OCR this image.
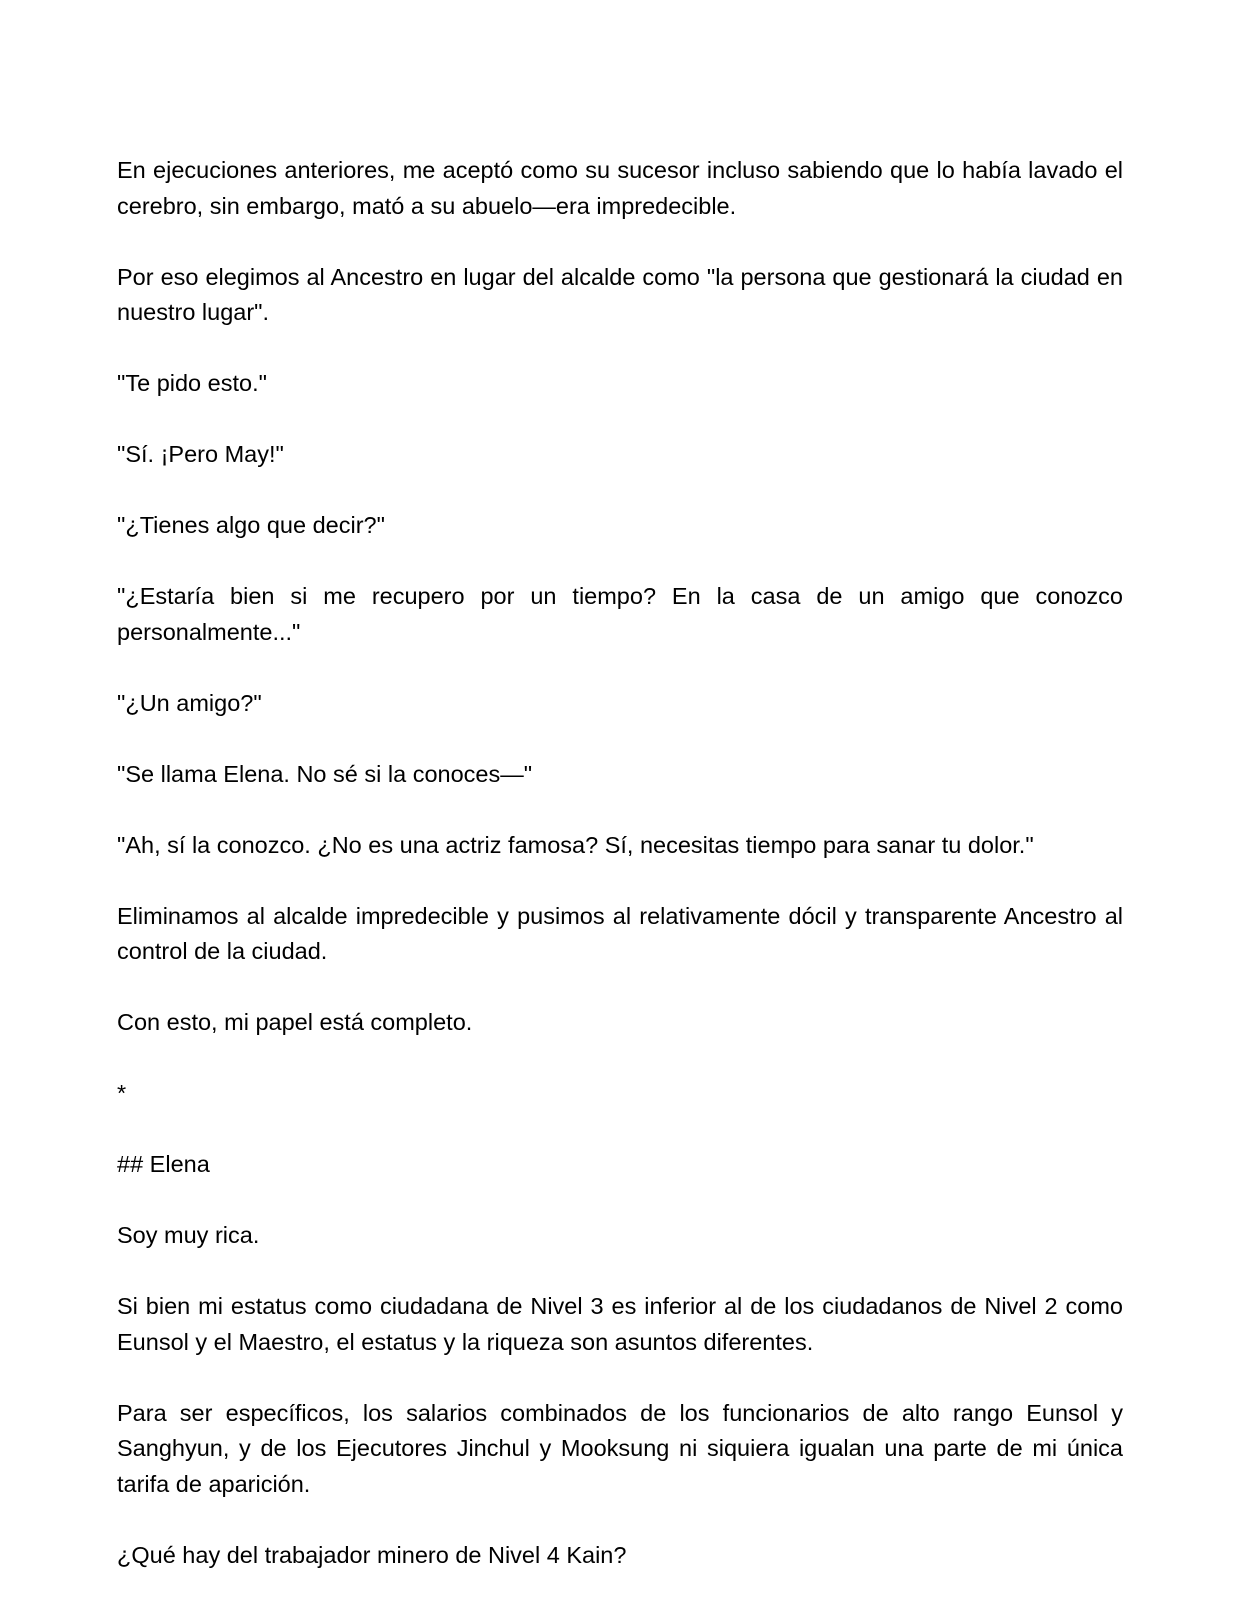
En ejecuciones anteriores, me aceptó como su sucesor incluso sabiendo que lo había lavado el cerebro, sin embargo, mató a su abuelo—era impredecible.

Por eso elegimos al Ancestro en lugar del alcalde como "la persona que gestionará la ciudad en nuestro lugar".

"Te pido esto."

"Sí. ¡Pero May!"

"¿Tienes algo que decir?"

"¿Estaría bien si me recupero por un tiempo? En la casa de un amigo que conozco personalmente..."

"¿Un amigo?"

"Se llama Elena. No sé si la conoces—"

"Ah, sí la conozco. ¿No es una actriz famosa? Sí, necesitas tiempo para sanar tu dolor."

Eliminamos al alcalde impredecible y pusimos al relativamente dócil y transparente Ancestro al control de la ciudad.

Con esto, mi papel está completo.

*

## Elena

Soy muy rica.

Si bien mi estatus como ciudadana de Nivel 3 es inferior al de los ciudadanos de Nivel 2 como Eunsol y el Maestro, el estatus y la riqueza son asuntos diferentes.

Para ser específicos, los salarios combinados de los funcionarios de alto rango Eunsol y Sanghyun, y de los Ejecutores Jinchul y Mooksung ni siquiera igualan una parte de mi única tarifa de aparición.

¿Qué hay del trabajador minero de Nivel 4 Kain?
